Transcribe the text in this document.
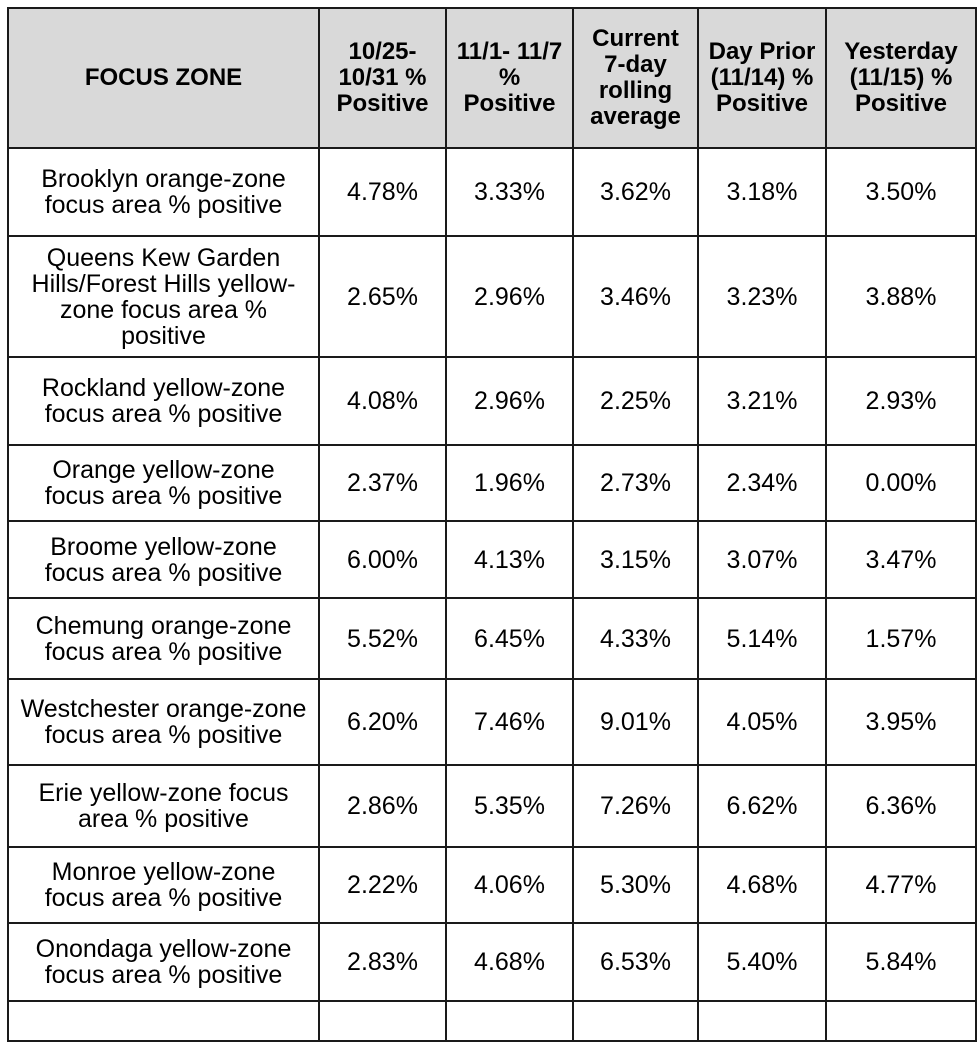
FOCUS ZONE	10/25-
10/31 %
Positive	11/1- 11/7
%
Positive	Current
7-day
rolling
average	Day Prior
(11/14) %
Positive	Yesterday
(11/15) %
Positive
Brooklyn orange-zone
focus area % positive	4.78%	3.33%	3.62%	3.18%	3.50%
Queens Kew Garden
Hills/Forest Hills yellow-
zone focus area %
positive	2.65%	2.96%	3.46%	3.23%	3.88%
Rockland yellow-zone
focus area % positive	4.08%	2.96%	2.25%	3.21%	2.93%
Orange yellow-zone
focus area % positive	2.37%	1.96%	2.73%	2.34%	0.00%
Broome yellow-zone
focus area % positive	6.00%	4.13%	3.15%	3.07%	3.47%
Chemung orange-zone
focus area % positive	5.52%	6.45%	4.33%	5.14%	1.57%
Westchester orange-zone
focus area % positive	6.20%	7.46%	9.01%	4.05%	3.95%
Erie yellow-zone focus
area % positive	2.86%	5.35%	7.26%	6.62%	6.36%
Monroe yellow-zone
focus area % positive	2.22%	4.06%	5.30%	4.68%	4.77%
Onondaga yellow-zone
focus area % positive	2.83%	4.68%	6.53%	5.40%	5.84%
